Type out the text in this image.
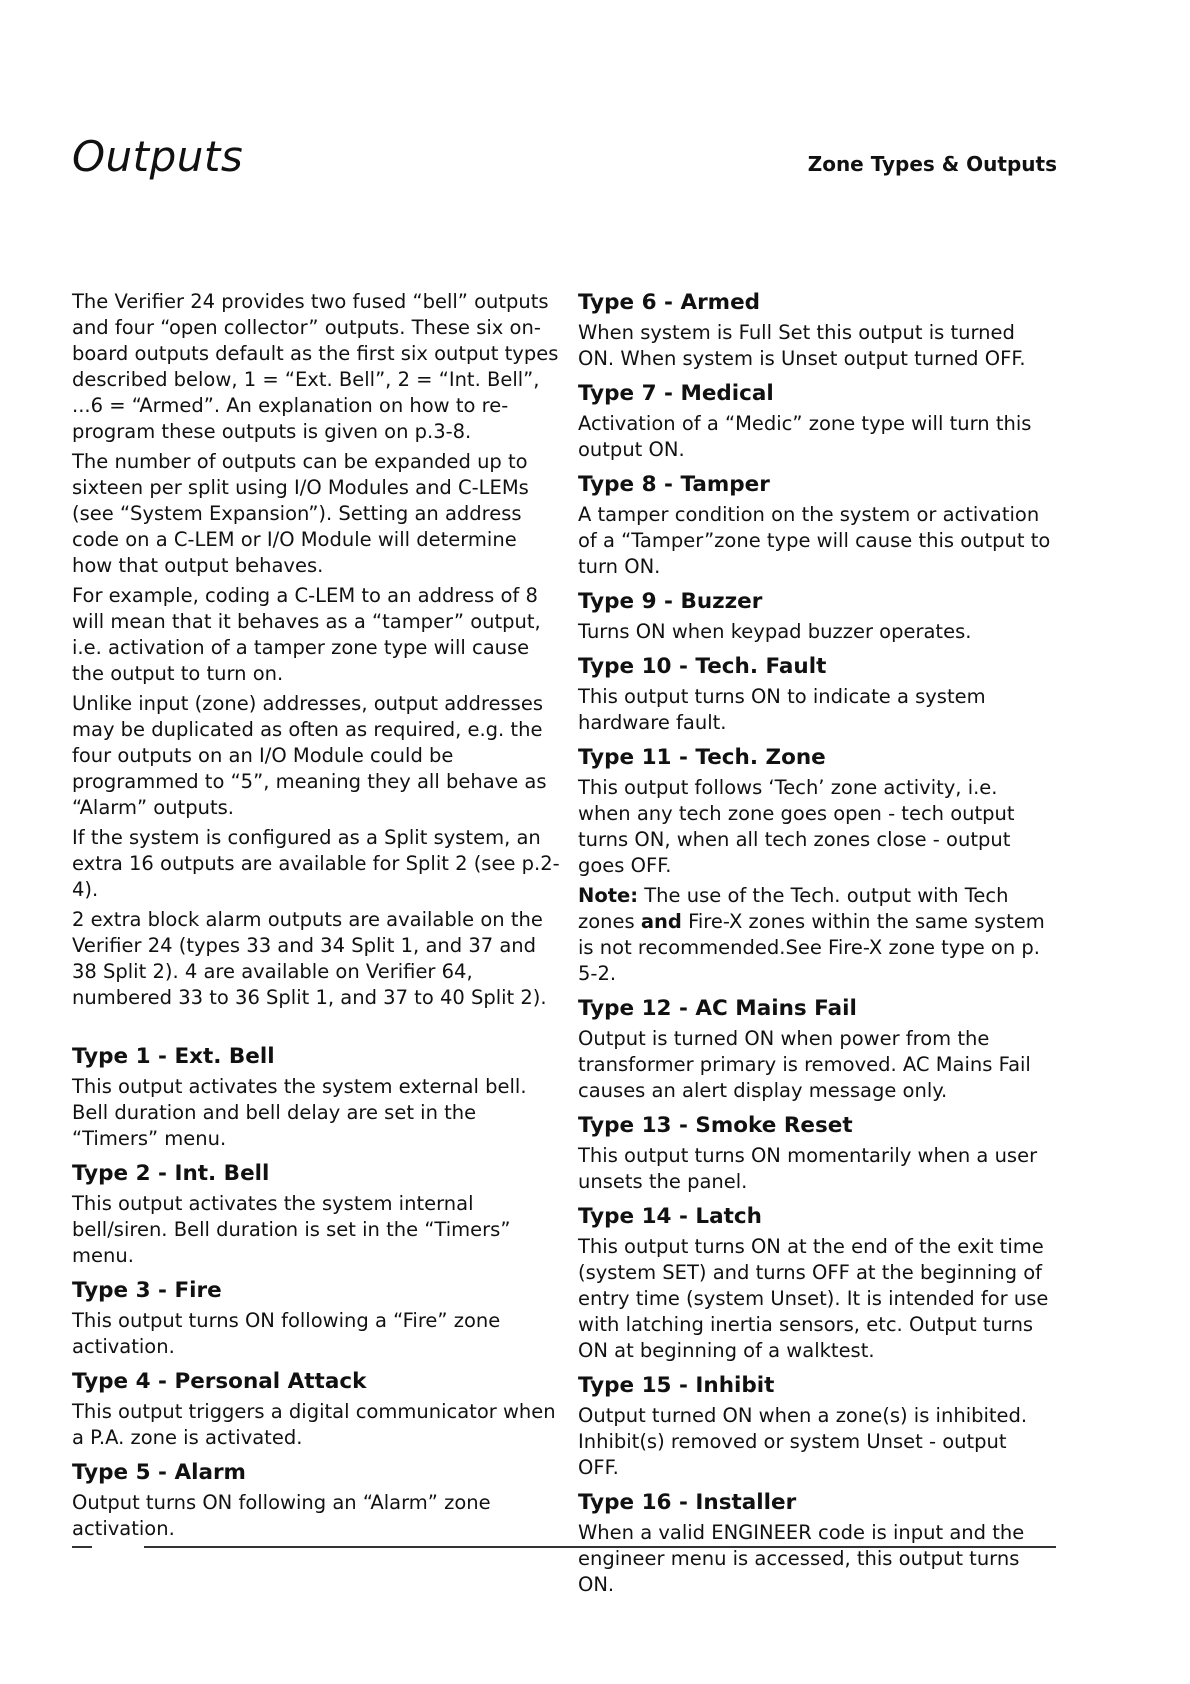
Outputs	Zone Types & Outputs

The Verifier 24 provides two fused “bell” outputs and four “open collector” outputs. These six on-board outputs default as the first six output types described below, 1 = “Ext. Bell”, 2 = “Int. Bell”, ...6 = “Armed”. An explanation on how to re-program these outputs is given on p.3-8.

The number of outputs can be expanded up to sixteen per split using I/O Modules and C-LEMs (see “System Expansion”). Setting an address code on a C-LEM or I/O Module will determine how that output behaves.

For example, coding a C-LEM to an address of 8 will mean that it behaves as a “tamper” output, i.e. activation of a tamper zone type will cause the output to turn on.

Unlike input (zone) addresses, output addresses may be duplicated as often as required, e.g. the four outputs on an I/O Module could be programmed to “5”, meaning they all behave as “Alarm” outputs.

If the system is configured as a Split system, an extra 16 outputs are available for Split 2 (see p.2-4).

2 extra block alarm outputs are available on the Verifier 24 (types 33 and 34 Split 1, and 37 and 38 Split 2). 4 are available on Verifier 64, numbered 33 to 36 Split 1, and 37 to 40 Split 2).

Type 1 - Ext. Bell

This output activates the system external bell. Bell duration and bell delay are set in the “Timers” menu.

Type 2 - Int. Bell

This output activates the system internal bell/siren. Bell duration is set in the “Timers” menu.

Type 3 - Fire

This output turns ON following a “Fire” zone activation.

Type 4 - Personal Attack

This output triggers a digital communicator when a P.A. zone is activated.

Type 5 - Alarm

Output turns ON following an “Alarm” zone activation.

Type 6 - Armed

When system is Full Set this output is turned ON. When system is Unset output turned OFF.

Type 7 - Medical

Activation of a “Medic” zone type will turn this output ON.

Type 8 - Tamper

A tamper condition on the system or activation of a “Tamper”zone type will cause this output to turn ON.

Type 9 - Buzzer

Turns ON when keypad buzzer operates.

Type 10 - Tech. Fault

This output turns ON to indicate a system hardware fault.

Type 11 - Tech. Zone

This output follows ‘Tech’ zone activity, i.e. when any tech zone goes open - tech output turns ON, when all tech zones close - output goes OFF.

Note: The use of the Tech. output with Tech zones and Fire-X zones within the same system is not recommended.See Fire-X zone type on p. 5-2.

Type 12 - AC Mains Fail

Output is turned ON when power from the transformer primary is removed. AC Mains Fail causes an alert display message only.

Type 13 - Smoke Reset

This output turns ON momentarily when a user unsets the panel.

Type 14 - Latch

This output turns ON at the end of the exit time (system SET) and turns OFF at the beginning of entry time (system Unset). It is intended for use with latching inertia sensors, etc. Output turns ON at beginning of a walktest.

Type 15 - Inhibit

Output turned ON when a zone(s) is inhibited. Inhibit(s) removed or system Unset - output OFF.

Type 16 - Installer

When a valid ENGINEER code is input and the engineer menu is accessed, this output turns ON.
